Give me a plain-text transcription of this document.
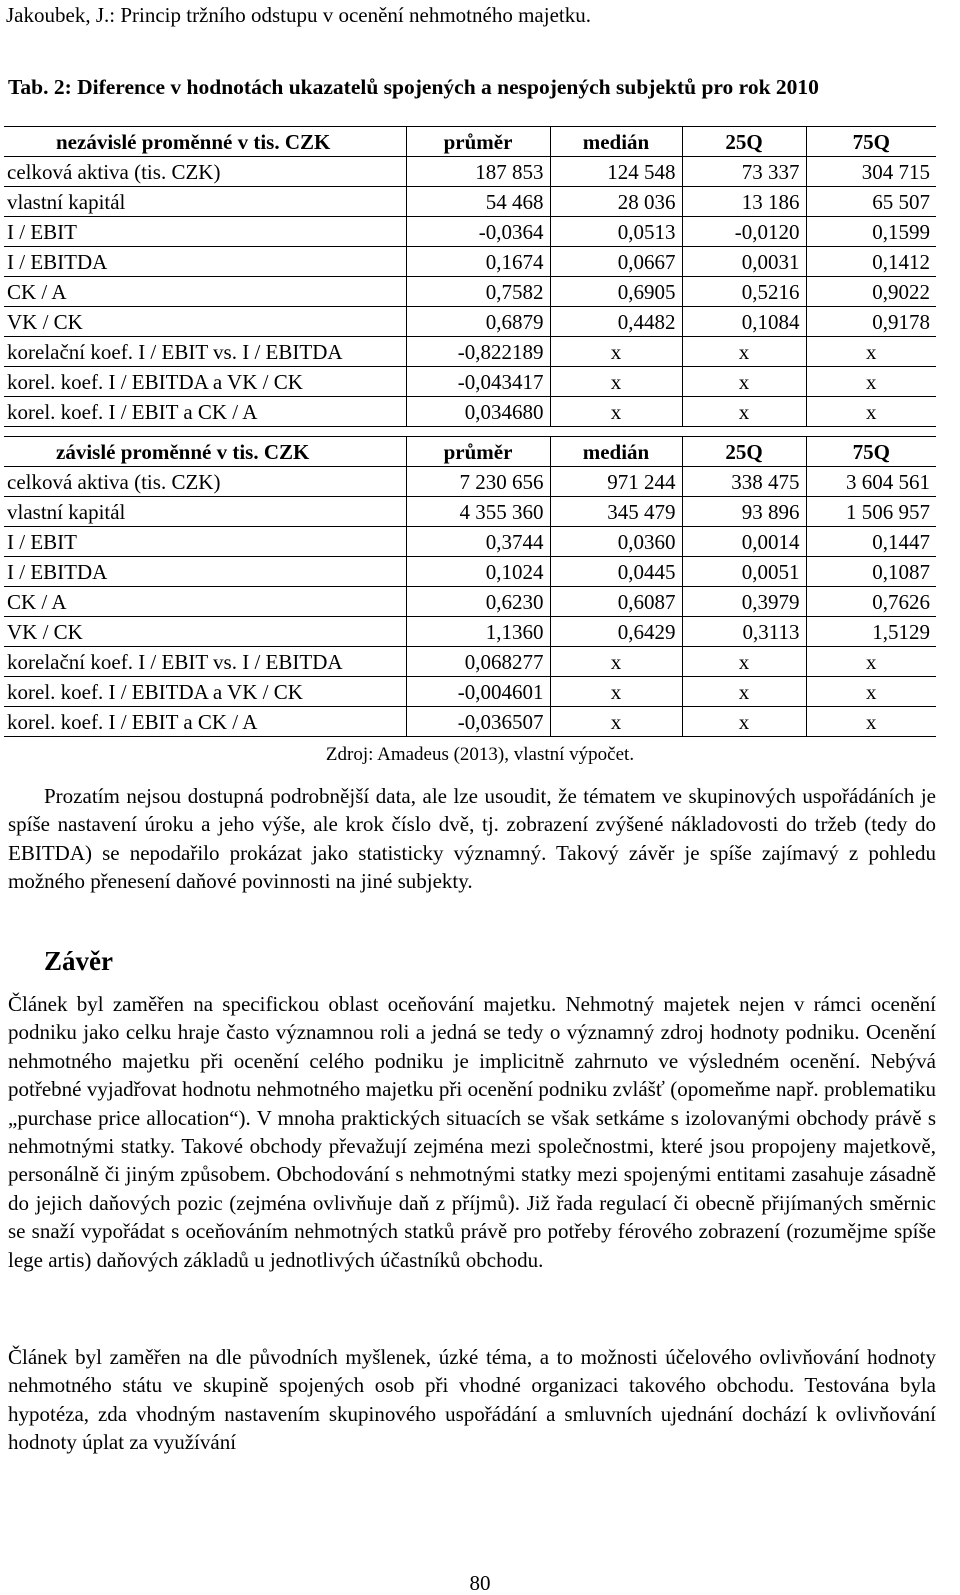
Jakoubek, J.: Princip tržního odstupu v ocenění nehmotného majetku.
Tab. 2: Diference v hodnotách ukazatelů spojených a nespojených subjektů pro rok 2010
nezávislé proměnné v tis. CZK	průměr	medián	25Q	75Q
celková aktiva (tis. CZK)	187 853	124 548	73 337	304 715
vlastní kapitál	54 468	28 036	13 186	65 507
I / EBIT	-0,0364	0,0513	-0,0120	0,1599
I / EBITDA	0,1674	0,0667	0,0031	0,1412
CK / A	0,7582	0,6905	0,5216	0,9022
VK / CK	0,6879	0,4482	0,1084	0,9178
korelační koef. I / EBIT vs. I / EBITDA	-0,822189	x	x	x
korel. koef. I / EBITDA a VK / CK	-0,043417	x	x	x
korel. koef. I / EBIT a CK / A	0,034680	x	x	x
závislé proměnné v tis. CZK	průměr	medián	25Q	75Q
celková aktiva (tis. CZK)	7 230 656	971 244	338 475	3 604 561
vlastní kapitál	4 355 360	345 479	93 896	1 506 957
I / EBIT	0,3744	0,0360	0,0014	0,1447
I / EBITDA	0,1024	0,0445	0,0051	0,1087
CK / A	0,6230	0,6087	0,3979	0,7626
VK / CK	1,1360	0,6429	0,3113	1,5129
korelační koef. I / EBIT vs. I / EBITDA	0,068277	x	x	x
korel. koef. I / EBITDA a VK / CK	-0,004601	x	x	x
korel. koef. I / EBIT a CK / A	-0,036507	x	x	x
Zdroj: Amadeus (2013), vlastní výpočet.

Prozatím nejsou dostupná podrobnější data, ale lze usoudit, že tématem ve skupinových uspořádáních je spíše nastavení úroku a jeho výše, ale krok číslo dvě, tj. zobrazení zvýšené nákladovosti do tržeb (tedy do EBITDA) se nepodařilo prokázat jako statisticky významný. Takový závěr je spíše zajímavý z pohledu možného přenesení daňové povinnosti na jiné subjekty.

Závěr

Článek byl zaměřen na specifickou oblast oceňování majetku. Nehmotný majetek nejen v rámci ocenění podniku jako celku hraje často významnou roli a jedná se tedy o významný zdroj hodnoty podniku. Ocenění nehmotného majetku při ocenění celého podniku je implicitně zahrnuto ve výsledném ocenění. Nebývá potřebné vyjadřovat hodnotu nehmotného majetku při ocenění podniku zvlášť (opomeňme např. problematiku „purchase price allocation“). V mnoha praktických situacích se však setkáme s izolovanými obchody právě s nehmotnými statky. Takové obchody převažují zejména mezi společnostmi, které jsou propojeny majetkově, personálně či jiným způsobem. Obchodování s nehmotnými statky mezi spojenými entitami zasahuje zásadně do jejich daňových pozic (zejména ovlivňuje daň z příjmů). Již řada regulací či obecně přijímaných směrnic se snaží vypořádat s oceňováním nehmotných statků právě pro potřeby férového zobrazení (rozumějme spíše lege artis) daňových základů u jednotlivých účastníků obchodu.

Článek byl zaměřen na dle původních myšlenek, úzké téma, a to možnosti účelového ovlivňování hodnoty nehmotného státu ve skupině spojených osob při vhodné organizaci takového obchodu. Testována byla hypotéza, zda vhodným nastavením skupinového uspořádání a smluvních ujednání dochází k ovlivňování hodnoty úplat za využívání

80
